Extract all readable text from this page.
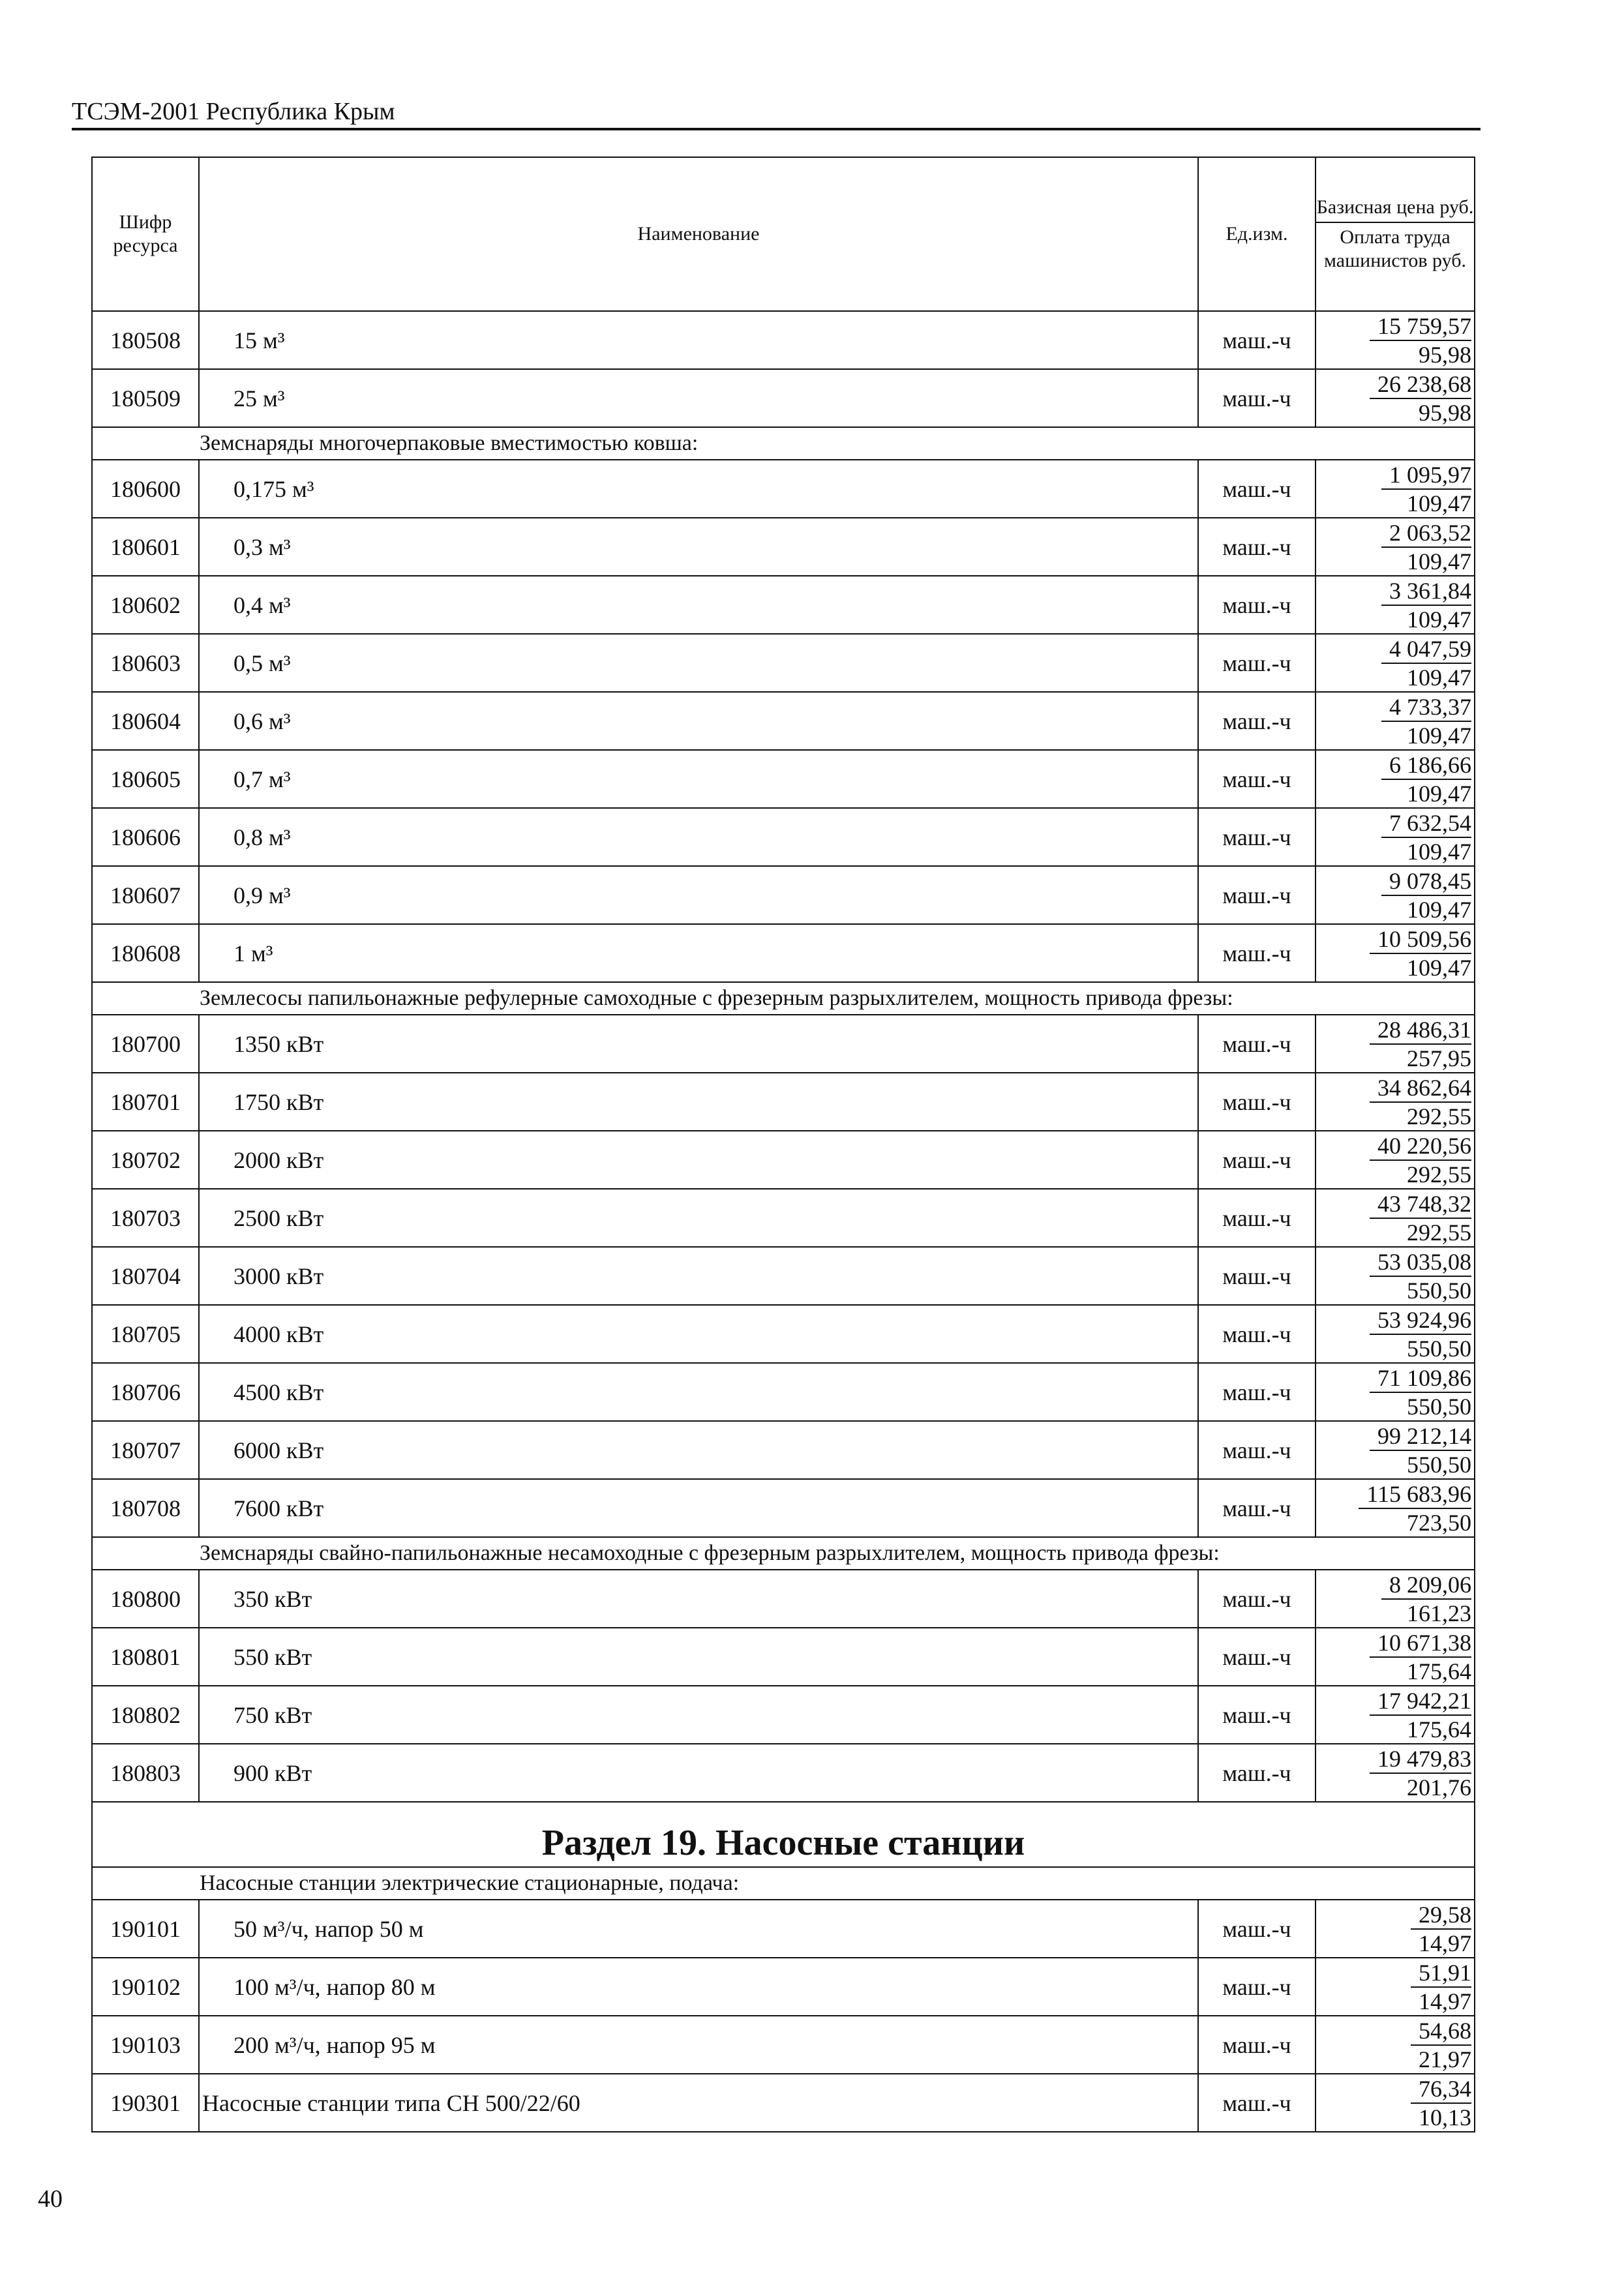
ТСЭМ-2001 Республика Крым
Шифр ресурса	Наименование	Ед.изм.	Базисная цена руб.
Оплата труда машинистов руб.

180508	15 м³	маш.-ч	15 759,57
95,98

180509	25 м³	маш.-ч	26 238,68
95,98

Земснаряды многочерпаковые вместимостью ковша:			
180600	0,175 м³	маш.-ч	1 095,97
109,47

180601	0,3 м³	маш.-ч	2 063,52
109,47

180602	0,4 м³	маш.-ч	3 361,84
109,47

180603	0,5 м³	маш.-ч	4 047,59
109,47

180604	0,6 м³	маш.-ч	4 733,37
109,47

180605	0,7 м³	маш.-ч	6 186,66
109,47

180606	0,8 м³	маш.-ч	7 632,54
109,47

180607	0,9 м³	маш.-ч	9 078,45
109,47

180608	1 м³	маш.-ч	10 509,56
109,47

Землесосы папильонажные рефулерные самоходные с фрезерным разрыхлителем, мощность привода фрезы:			
180700	1350 кВт	маш.-ч	28 486,31
257,95

180701	1750 кВт	маш.-ч	34 862,64
292,55

180702	2000 кВт	маш.-ч	40 220,56
292,55

180703	2500 кВт	маш.-ч	43 748,32
292,55

180704	3000 кВт	маш.-ч	53 035,08
550,50

180705	4000 кВт	маш.-ч	53 924,96
550,50

180706	4500 кВт	маш.-ч	71 109,86
550,50

180707	6000 кВт	маш.-ч	99 212,14
550,50

180708	7600 кВт	маш.-ч	115 683,96
723,50

Земснаряды свайно-папильонажные несамоходные с фрезерным разрыхлителем, мощность привода фрезы:			
180800	350 кВт	маш.-ч	8 209,06
161,23

180801	550 кВт	маш.-ч	10 671,38
175,64

180802	750 кВт	маш.-ч	17 942,21
175,64

180803	900 кВт	маш.-ч	19 479,83
201,76

Раздел 19. Насосные станции			
Насосные станции электрические стационарные, подача:			
190101	50 м³/ч, напор 50 м	маш.-ч	29,58
14,97

190102	100 м³/ч, напор 80 м	маш.-ч	51,91
14,97

190103	200 м³/ч, напор 95 м	маш.-ч	54,68
21,97

190301	Насосные станции типа СН 500/22/60	маш.-ч	76,34
10,13
40
